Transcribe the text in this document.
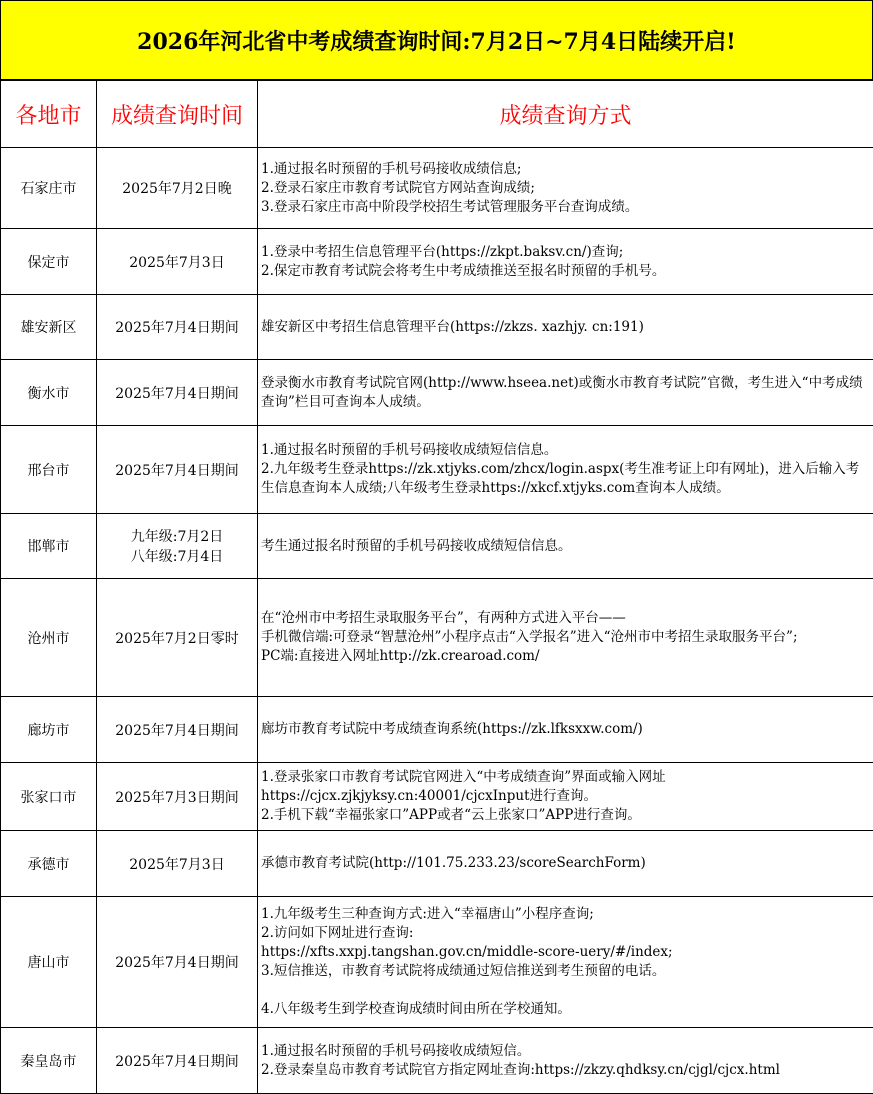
2026年河北省中考成绩查询时间:7月2日~7月4日陆续开启!
各地市	成绩查询时间	成绩查询方式
石家庄市	2025年7月2日晚	1.通过报名时预留的手机号码接收成绩信息;
2.登录石家庄市教育考试院官方网站查询成绩;
3.登录石家庄市高中阶段学校招生考试管理服务平台查询成绩。

保定市	2025年7月3日	1.登录中考招生信息管理平台(https://zkpt.baksv.cn/)查询;
2.保定市教育考试院会将考生中考成绩推送至报名时预留的手机号。

雄安新区	2025年7月4日期间	雄安新区中考招生信息管理平台(https://zkzs. xazhjy. cn:191)

衡水市	2025年7月4日期间	登录衡水市教育考试院官网(http://www.hseea.net)或衡水市教育考试院”官微，考生进入“中考成绩查询”栏目可查询本人成绩。

邢台市	2025年7月4日期间	1.通过报名时预留的手机号码接收成绩短信信息。
2.九年级考生登录https://zk.xtjyks.com/zhcx/login.aspx(考生准考证上印有网址)，进入后输入考生信息查询本人成绩;八年级考生登录https://xkcf.xtjyks.com查询本人成绩。

邯郸市	九年级:7月2日
八年级:7月4日	考生通过报名时预留的手机号码接收成绩短信信息。

沧州市	2025年7月2日零时	在“沧州市中考招生录取服务平台”，有两种方式进入平台——
手机微信端:可登录“智慧沧州”小程序点击“入学报名”进入“沧州市中考招生录取服务平台”;
PC端:直接进入网址http://zk.crearoad.com/

廊坊市	2025年7月4日期间	廊坊市教育考试院中考成绩查询系统(https://zk.lfksxxw.com/)

张家口市	2025年7月3日期间	1.登录张家口市教育考试院官网进入“中考成绩查询”界面或输入网址https://cjcx.zjkjyksy.cn:40001/cjcxInput进行查询。
2.手机下载“幸福张家口”APP或者“云上张家口”APP进行查询。

承德市	2025年7月3日	承德市教育考试院(http://101.75.233.23/scoreSearchForm)

唐山市	2025年7月4日期间	1.九年级考生三种查询方式:进入“幸福唐山”小程序查询;
2.访问如下网址进行查询:
https://xfts.xxpj.tangshan.gov.cn/middle-score-uery/#/index;
3.短信推送，市教育考试院将成绩通过短信推送到考生预留的电话。
4.八年级考生到学校查询成绩时间由所在学校通知。

秦皇岛市	2025年7月4日期间	1.通过报名时预留的手机号码接收成绩短信。
2.登录秦皇岛市教育考试院官方指定网址查询:https://zkzy.qhdksy.cn/cjgl/cjcx.html
